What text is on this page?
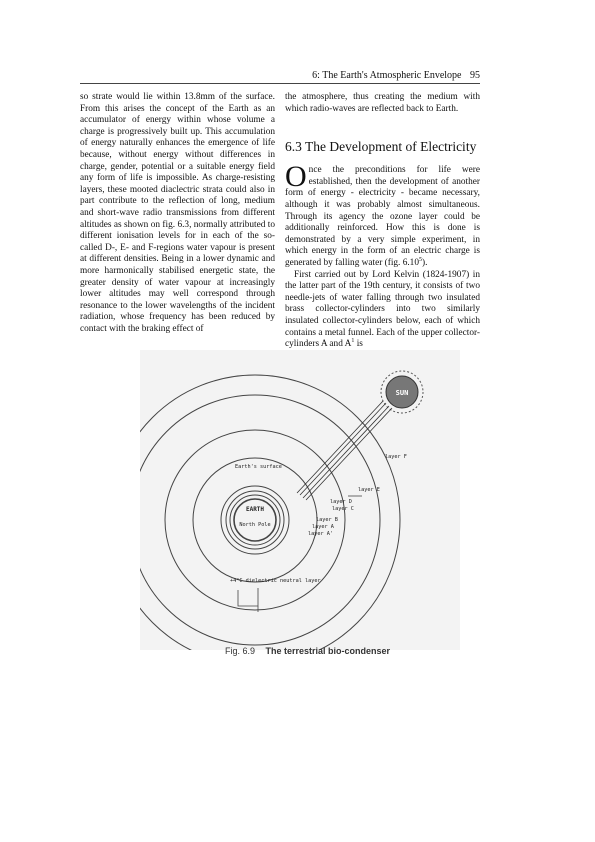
6: The Earth's Atmospheric Envelope 95

so strate would lie within 13.8mm of the surface. From this arises the concept of the Earth as an accumulator of energy within whose volume a charge is progressively built up. This accumulation of energy naturally enhances the emergence of life because, without energy without differences in charge, gender, potential or a suitable energy field any form of life is impossible. As charge-resisting layers, these mooted diaclectric strata could also in part contribute to the reflection of long, medium and short-wave radio transmissions from different altitudes as shown on fig. 6.3, normally attributed to different ionisation levels for in each of the so-called D-, E- and F-regions water vapour is present at different densities. Being in a lower dynamic and more harmonically stabilised energetic state, the greater density of water vapour at increasingly lower altitudes may well correspond through resonance to the lower wavelengths of the incident radiation, whose frequency has been reduced by contact with the braking effect of

the atmosphere, thus creating the medium with which radio-waves are reflected back to Earth.

6.3 The Development of Electricity

Once the preconditions for life were established, then the development of another form of energy - electricity - became necessary, although it was probably almost simultaneous. Through its agency the ozone layer could be additionally reinforced. How this is done is demonstrated by a very simple experiment, in which energy in the form of an electric charge is generated by falling water (fig. 6.10$^5$).

First carried out by Lord Kelvin (1824-1907) in the latter part of the 19th century, it consists of two needle-jets of water falling through two insulated brass collector-cylinders into two similarly insulated collector-cylinders below, each of which contains a metal funnel. Each of the upper collector-cylinders A and $A^1$ is

SUN
Earth's surface
EARTH
North Pole
layer F
layer E
layer D
layer C
layer B
layer A
layer A'
+4°C dielectric neutral layer
Fig. 6.9 The terrestrial bio-condenser
